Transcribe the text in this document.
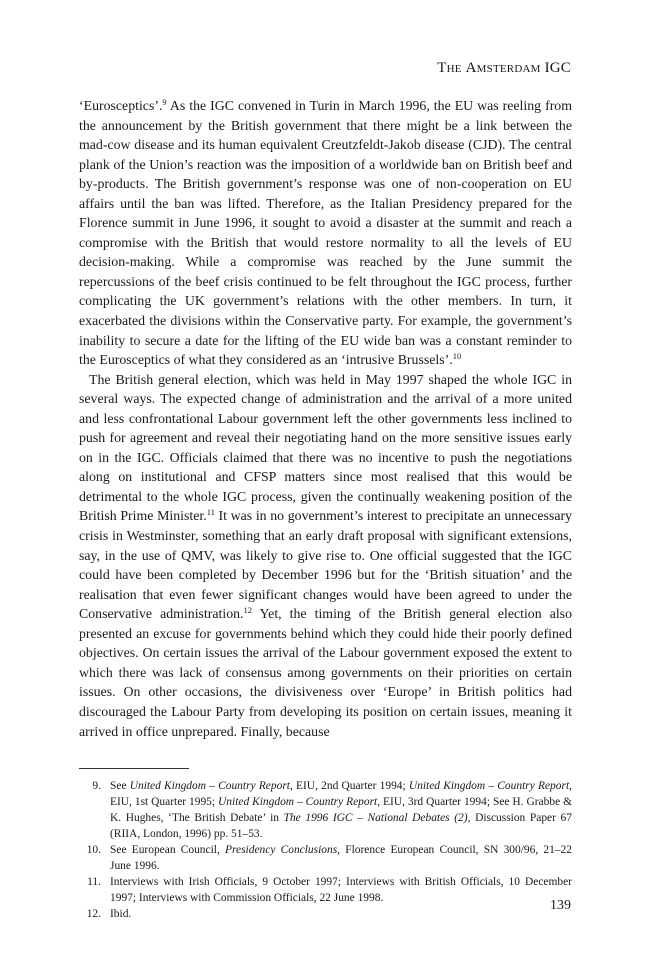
The Amsterdam IGC

‘Eurosceptics’.$^9$ As the IGC convened in Turin in March 1996, the EU was reeling from the announcement by the British government that there might be a link between the mad-cow disease and its human equivalent Creutzfeldt-Jakob disease (CJD). The central plank of the Union’s reaction was the imposition of a worldwide ban on British beef and by-products. The British government’s response was one of non-cooperation on EU affairs until the ban was lifted. Therefore, as the Italian Presidency prepared for the Florence summit in June 1996, it sought to avoid a disaster at the summit and reach a compromise with the British that would restore normality to all the levels of EU decision-making. While a compromise was reached by the June summit the repercussions of the beef crisis continued to be felt throughout the IGC process, further complicating the UK government’s relations with the other members. In turn, it exacerbated the divisions within the Conservative party. For example, the government’s inability to secure a date for the lifting of the EU wide ban was a constant reminder to the Eurosceptics of what they considered as an ‘intrusive Brussels’.$^{10}$

The British general election, which was held in May 1997 shaped the whole IGC in several ways. The expected change of administration and the arrival of a more united and less confrontational Labour government left the other governments less inclined to push for agreement and reveal their negotiating hand on the more sensitive issues early on in the IGC. Officials claimed that there was no incentive to push the negotiations along on institutional and CFSP matters since most realised that this would be detrimental to the whole IGC process, given the continually weakening position of the British Prime Minister.$^{11}$ It was in no government’s interest to precipitate an unnecessary crisis in Westminster, something that an early draft proposal with significant extensions, say, in the use of QMV, was likely to give rise to. One official suggested that the IGC could have been completed by December 1996 but for the ‘British situation’ and the realisation that even fewer significant changes would have been agreed to under the Conservative administration.$^{12}$ Yet, the timing of the British general election also presented an excuse for governments behind which they could hide their poorly defined objectives. On certain issues the arrival of the Labour government exposed the extent to which there was lack of consensus among governments on their priorities on certain issues. On other occasions, the divisiveness over ‘Europe’ in British politics had discouraged the Labour Party from developing its position on certain issues, meaning it arrived in office unprepared. Finally, because

9. See United Kingdom – Country Report, EIU, 2nd Quarter 1994; United Kingdom – Country Report, EIU, 1st Quarter 1995; United Kingdom – Country Report, EIU, 3rd Quarter 1994; See H. Grabbe & K. Hughes, ‘The British Debate’ in The 1996 IGC – National Debates (2), Discussion Paper 67 (RIIA, London, 1996) pp. 51–53.

10. See European Council, Presidency Conclusions, Florence European Council, SN 300/96, 21–22 June 1996.

11. Interviews with Irish Officials, 9 October 1997; Interviews with British Officials, 10 December 1997; Interviews with Commission Officials, 22 June 1998.

12. Ibid.

139
